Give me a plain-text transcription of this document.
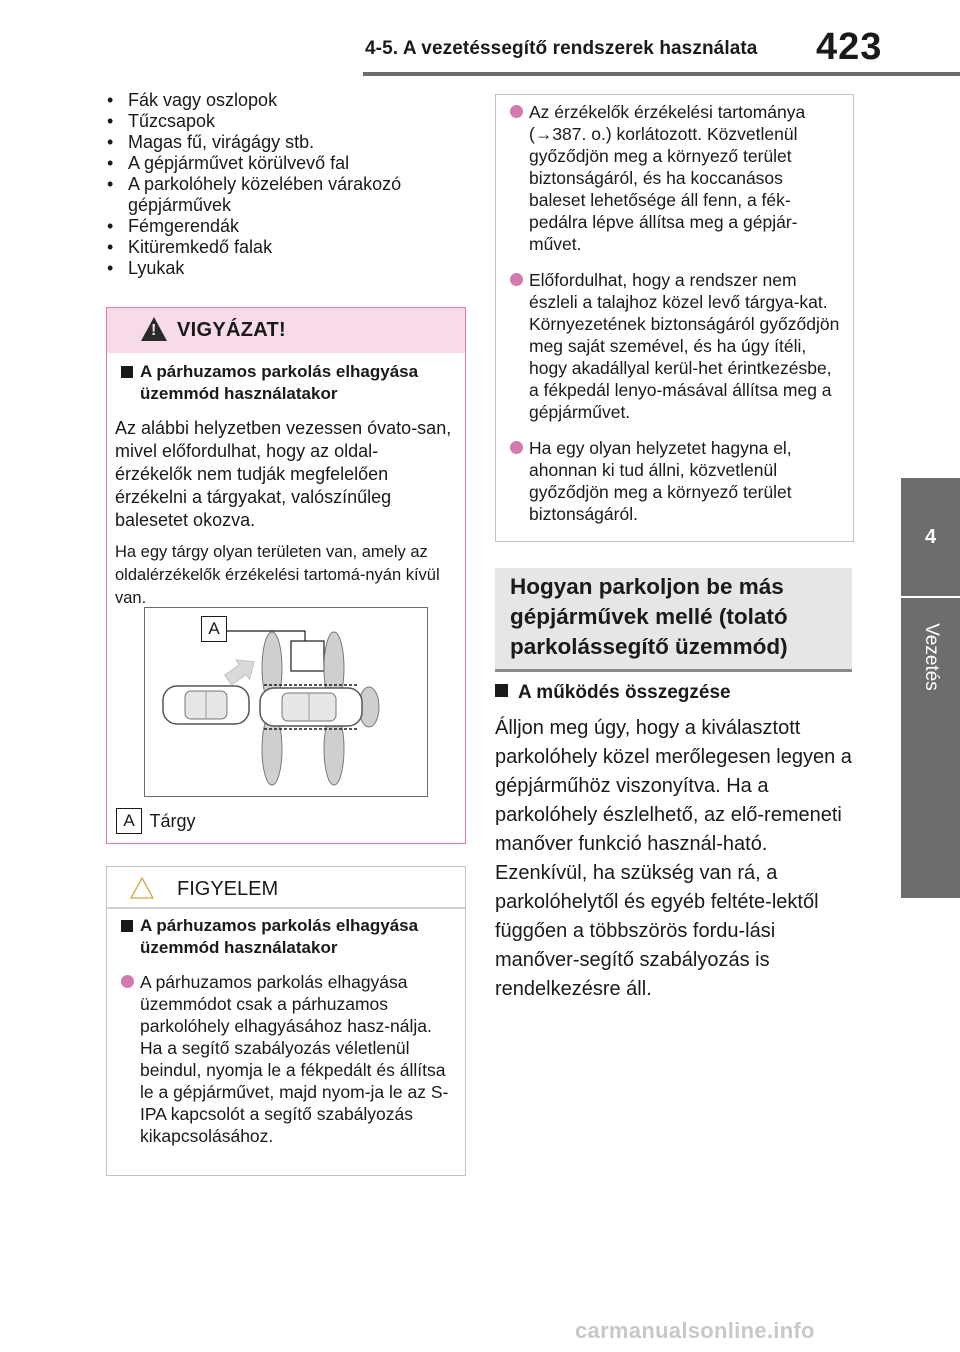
4-5. A vezetéssegítő rendszerek használata 423
4
Vezetés
• Fák vagy oszlopok
• Tűzcsapok
• Magas fű, virágágy stb.
• A gépjárművet körülvevő fal
• A parkolóhely közelében várakozó gépjárművek
• Fémgerendák
• Kitüremkedő falak
• Lyukak
!
VIGYÁZAT!
A párhuzamos parkolás elhagyása üzemmód használatakor
Az alábbi helyzetben vezessen óvato-san, mivel előfordulhat, hogy az oldal-érzékelők nem tudják megfelelően érzékelni a tárgyakat, valószínűleg balesetet okozva.
Ha egy tárgy olyan területen van, amely az oldalérzékelők érzékelési tartomá-nyán kívül van.
A
A Tárgy
FIGYELEM
A párhuzamos parkolás elhagyása üzemmód használatakor
A párhuzamos parkolás elhagyása üzemmódot csak a párhuzamos parkolóhely elhagyásához hasz-nálja. Ha a segítő szabályozás véletlenül beindul, nyomja le a fékpedált és állítsa le a gépjárművet, majd nyom-ja le az S-IPA kapcsolót a segítő szabályozás kikapcsolásához.
Az érzékelők érzékelési tartománya (→387. o.) korlátozott. Közvetlenül győződjön meg a környező terület biztonságáról, és ha koccanásos baleset lehetősége áll fenn, a fék-pedálra lépve állítsa meg a gépjár-művet.
Előfordulhat, hogy a rendszer nem észleli a talajhoz közel levő tárgya-kat. Környezetének biztonságáról győződjön meg saját szemével, és ha úgy ítéli, hogy akadállyal kerül-het érintkezésbe, a fékpedál lenyo-másával állítsa meg a gépjárművet.
Ha egy olyan helyzetet hagyna el, ahonnan ki tud állni, közvetlenül győződjön meg a környező terület biztonságáról.
Hogyan parkoljon be más gépjárművek mellé (tolató parkolássegítő üzemmód)
A működés összegzése
Álljon meg úgy, hogy a kiválasztott parkolóhely közel merőlegesen legyen a gépjárműhöz viszonyítva. Ha a parkolóhely észlelhető, az elő-remeneti manőver funkció használ-ható. Ezenkívül, ha szükség van rá, a parkolóhelytől és egyéb feltéte-lektől függően a többszörös fordu-lási manőver-segítő szabályozás is rendelkezésre áll.
carmanualsonline.info
